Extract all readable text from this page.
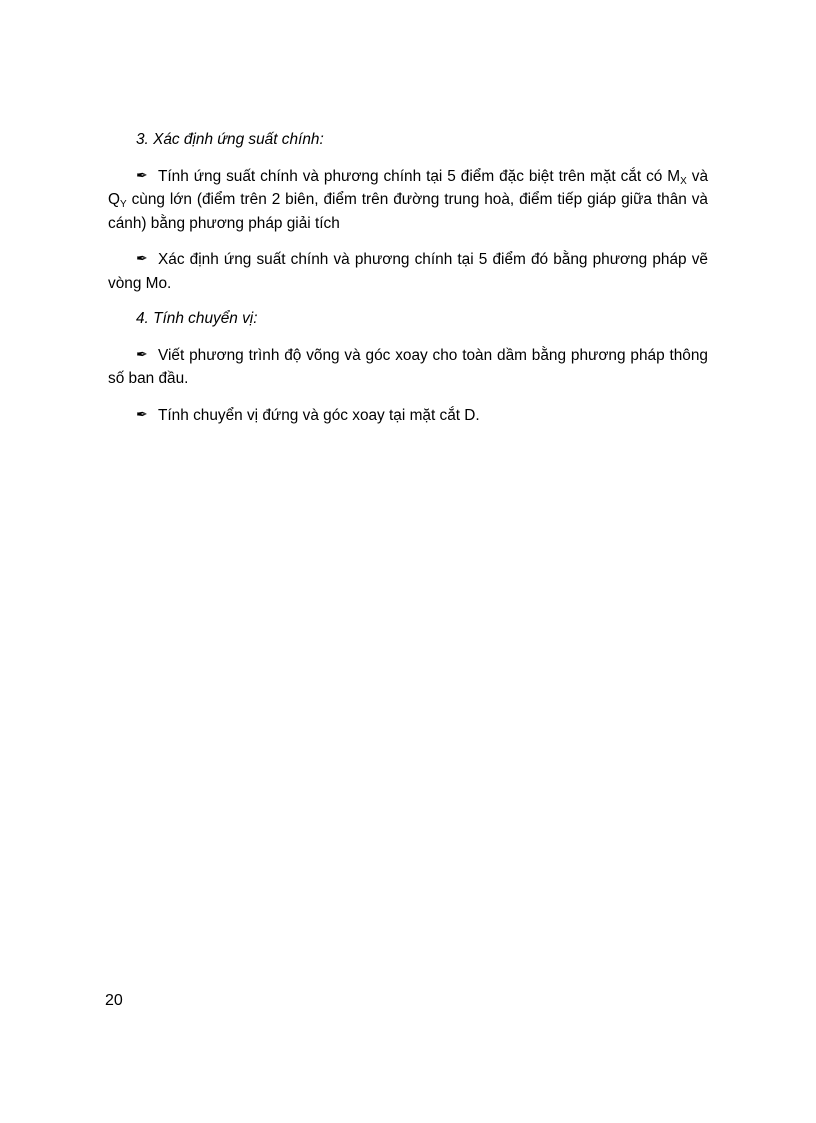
3. Xác định ứng suất chính:

✒ Tính ứng suất chính và phương chính tại 5 điểm đặc biệt trên mặt cắt có $M_X$ và $Q_Y$ cùng lớn (điểm trên 2 biên, điểm trên đường trung hoà, điểm tiếp giáp giữa thân và cánh) bằng phương pháp giải tích

✒ Xác định ứng suất chính và phương chính tại 5 điểm đó bằng phương pháp vẽ vòng Mo.

4. Tính chuyển vị:

✒ Viết phương trình độ võng và góc xoay cho toàn dầm bằng phương pháp thông số ban đầu.

✒ Tính chuyển vị đứng và góc xoay tại mặt cắt D.

20
